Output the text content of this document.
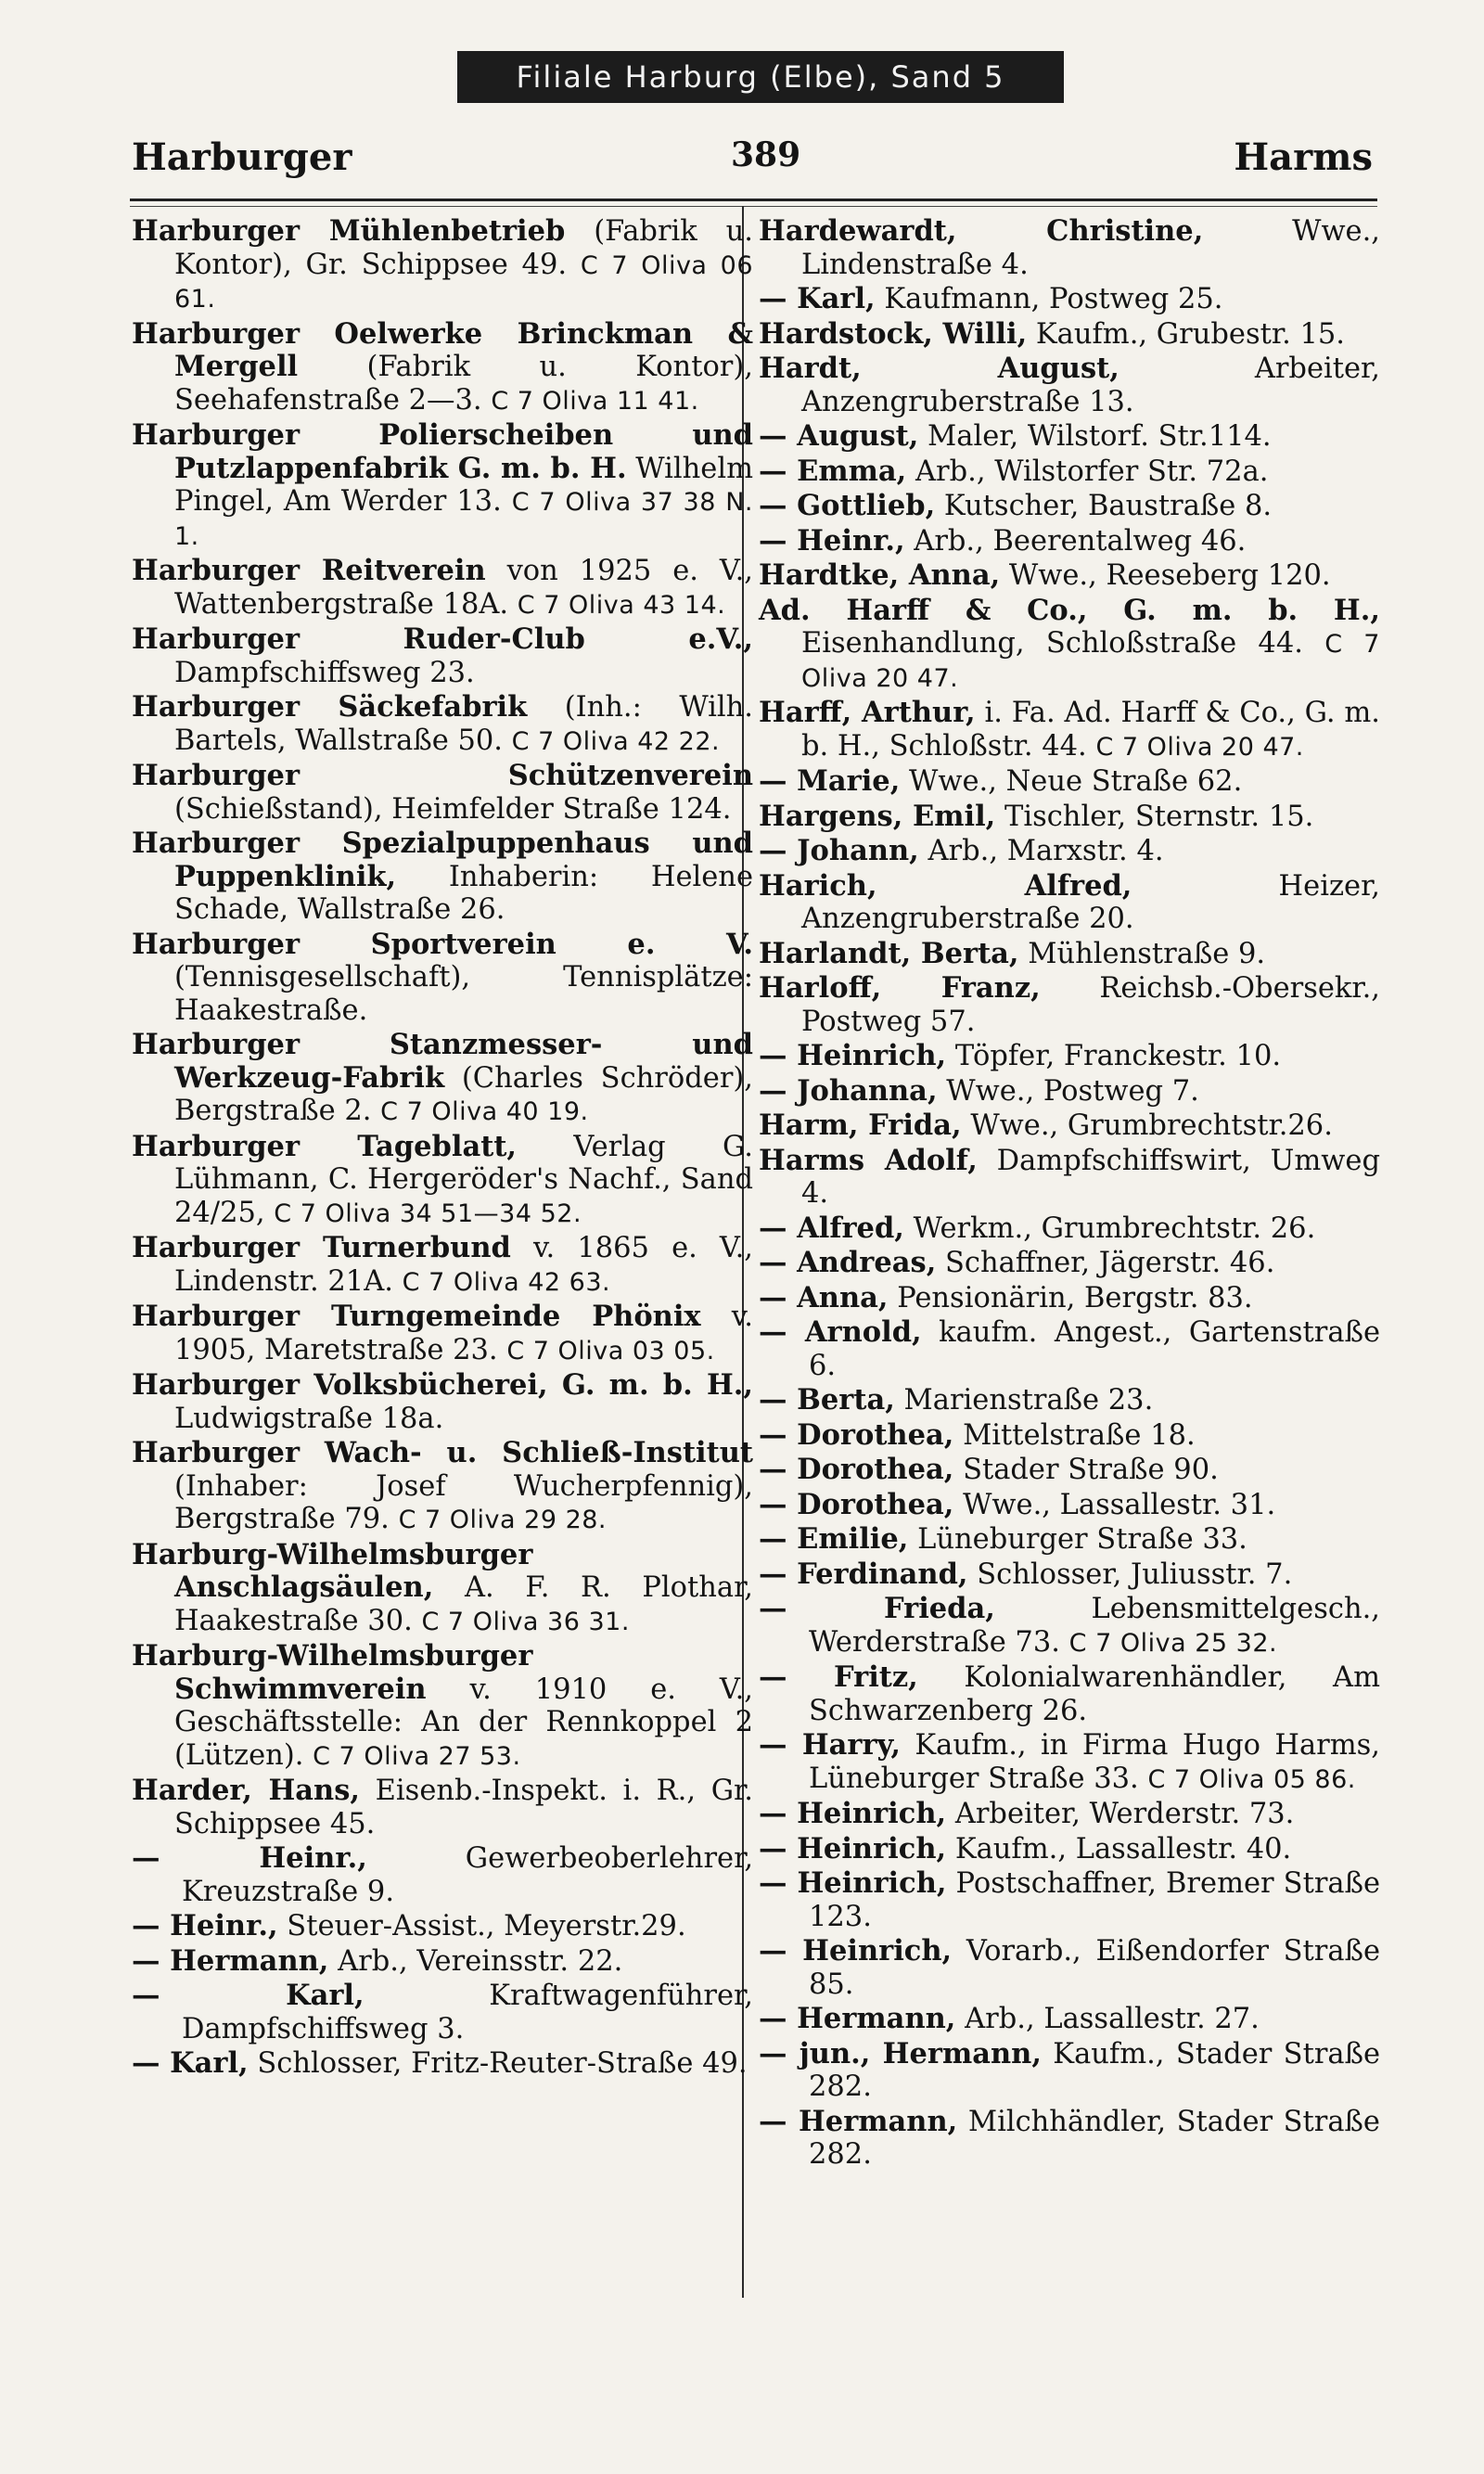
Filiale Harburg (Elbe), Sand 5
Harburger	389	Harms
Harburger Mühlenbetrieb (Fabrik u. Kontor), Gr. Schippsee 49. C 7 Oliva 06 61.
Harburger Oelwerke Brinckman & Mergell (Fabrik u. Kontor), Seehafenstraße 2—3. C 7 Oliva 11 41.
Harburger Polierscheiben und Putzlappenfabrik G. m. b. H. Wilhelm Pingel, Am Werder 13. C 7 Oliva 37 38 N. 1.
Harburger Reitverein von 1925 e. V., Wattenbergstraße 18A. C 7 Oliva 43 14.
Harburger Ruder-Club e.V., Dampfschiffsweg 23.
Harburger Säckefabrik (Inh.: Wilh. Bartels, Wallstraße 50. C 7 Oliva 42 22.
Harburger Schützenverein (Schießstand), Heimfelder Straße 124.
Harburger Spezialpuppenhaus und Puppenklinik, Inhaberin: Helene Schade, Wallstraße 26.
Harburger Sportverein e. V. (Tennisgesellschaft), Tennisplätze: Haakestraße.
Harburger Stanzmesser- und Werkzeug-Fabrik (Charles Schröder), Bergstraße 2. C 7 Oliva 40 19.
Harburger Tageblatt, Verlag G. Lühmann, C. Hergeröder's Nachf., Sand 24/25, C 7 Oliva 34 51—34 52.
Harburger Turnerbund v. 1865 e. V., Lindenstr. 21A. C 7 Oliva 42 63.
Harburger Turngemeinde Phönix v. 1905, Maretstraße 23. C 7 Oliva 03 05.
Harburger Volksbücherei, G. m. b. H., Ludwigstraße 18a.
Harburger Wach- u. Schließ-Institut (Inhaber: Josef Wucherpfennig), Bergstraße 79. C 7 Oliva 29 28.
Harburg-Wilhelmsburger Anschlagsäulen, A. F. R. Plothar, Haakestraße 30. C 7 Oliva 36 31.
Harburg-Wilhelmsburger Schwimmverein v. 1910 e. V., Geschäftsstelle: An der Rennkoppel 2 (Lützen). C 7 Oliva 27 53.
Harder, Hans, Eisenb.-Inspekt. i. R., Gr. Schippsee 45.
— Heinr., Gewerbeoberlehrer, Kreuzstraße 9.
— Heinr., Steuer-Assist., Meyerstr.29.
— Hermann, Arb., Vereinsstr. 22.
— Karl, Kraftwagenführer, Dampfschiffsweg 3.
— Karl, Schlosser, Fritz-Reuter-Straße 49.
Hardewardt, Christine, Wwe., Lindenstraße 4.
— Karl, Kaufmann, Postweg 25.
Hardstock, Willi, Kaufm., Grubestr. 15.
Hardt, August, Arbeiter, Anzengruberstraße 13.
— August, Maler, Wilstorf. Str.114.
— Emma, Arb., Wilstorfer Str. 72a.
— Gottlieb, Kutscher, Baustraße 8.
— Heinr., Arb., Beerentalweg 46.
Hardtke, Anna, Wwe., Reeseberg 120.
Ad. Harff & Co., G. m. b. H., Eisenhandlung, Schloßstraße 44. C 7 Oliva 20 47.
Harff, Arthur, i. Fa. Ad. Harff & Co., G. m. b. H., Schloßstr. 44. C 7 Oliva 20 47.
— Marie, Wwe., Neue Straße 62.
Hargens, Emil, Tischler, Sternstr. 15.
— Johann, Arb., Marxstr. 4.
Harich, Alfred, Heizer, Anzengruberstraße 20.
Harlandt, Berta, Mühlenstraße 9.
Harloff, Franz, Reichsb.-Obersekr., Postweg 57.
— Heinrich, Töpfer, Franckestr. 10.
— Johanna, Wwe., Postweg 7.
Harm, Frida, Wwe., Grumbrechtstr.26.
Harms Adolf, Dampfschiffswirt, Umweg 4.
— Alfred, Werkm., Grumbrechtstr. 26.
— Andreas, Schaffner, Jägerstr. 46.
— Anna, Pensionärin, Bergstr. 83.
— Arnold, kaufm. Angest., Gartenstraße 6.
— Berta, Marienstraße 23.
— Dorothea, Mittelstraße 18.
— Dorothea, Stader Straße 90.
— Dorothea, Wwe., Lassallestr. 31.
— Emilie, Lüneburger Straße 33.
— Ferdinand, Schlosser, Juliusstr. 7.
— Frieda, Lebensmittelgesch., Werderstraße 73. C 7 Oliva 25 32.
— Fritz, Kolonialwarenhändler, Am Schwarzenberg 26.
— Harry, Kaufm., in Firma Hugo Harms, Lüneburger Straße 33. C 7 Oliva 05 86.
— Heinrich, Arbeiter, Werderstr. 73.
— Heinrich, Kaufm., Lassallestr. 40.
— Heinrich, Postschaffner, Bremer Straße 123.
— Heinrich, Vorarb., Eißendorfer Straße 85.
— Hermann, Arb., Lassallestr. 27.
— jun., Hermann, Kaufm., Stader Straße 282.
— Hermann, Milchhändler, Stader Straße 282.
